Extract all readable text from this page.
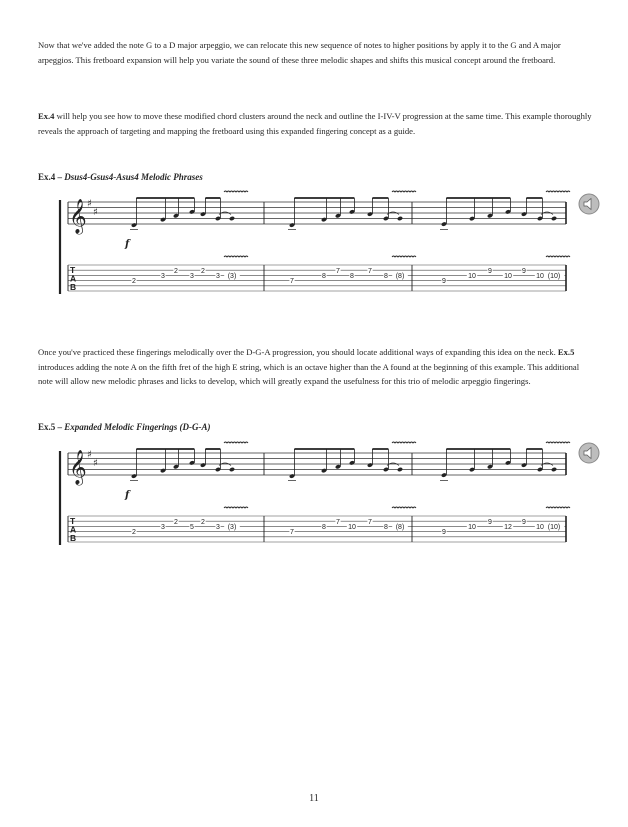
Now that we've added the note G to a D major arpeggio, we can relocate this new sequence of notes to higher positions by apply it to the G and A major arpeggios. This fretboard expansion will help you variate the sound of these three melodic shapes and shifts this musical concept around the fretboard.

Ex.4 will help you see how to move these modified chord clusters around the neck and outline the I-IV-V progression at the same time. This example thoroughly reveals the approach of targeting and mapping the fretboard using this expanded fingering concept as a guide.

Ex.4 – Dsus4-Gsus4-Asus4 Melodic Phrases

𝄞 ♯
♯
T
A
B
f
2
3
2
3
2
3 (3)
7
8
7
8
7
8 (8)
9
10
9
10
9
10 (10)

Once you've practiced these fingerings melodically over the D-G-A progression, you should locate additional ways of expanding this idea on the neck. Ex.5 introduces adding the note A on the fifth fret of the high E string, which is an octave higher than the A found at the beginning of this example. This additional note will allow new melodic phrases and licks to develop, which will greatly expand the usefulness for this trio of melodic arpeggio fingerings.

Ex.5 – Expanded Melodic Fingerings (D-G-A)

𝄞 ♯
♯
T
A
B
f
2
3
2
5
2
3 (3)
7
8
7
10
7
8 (8)
9
10
9
12
9
10 (10)
11
